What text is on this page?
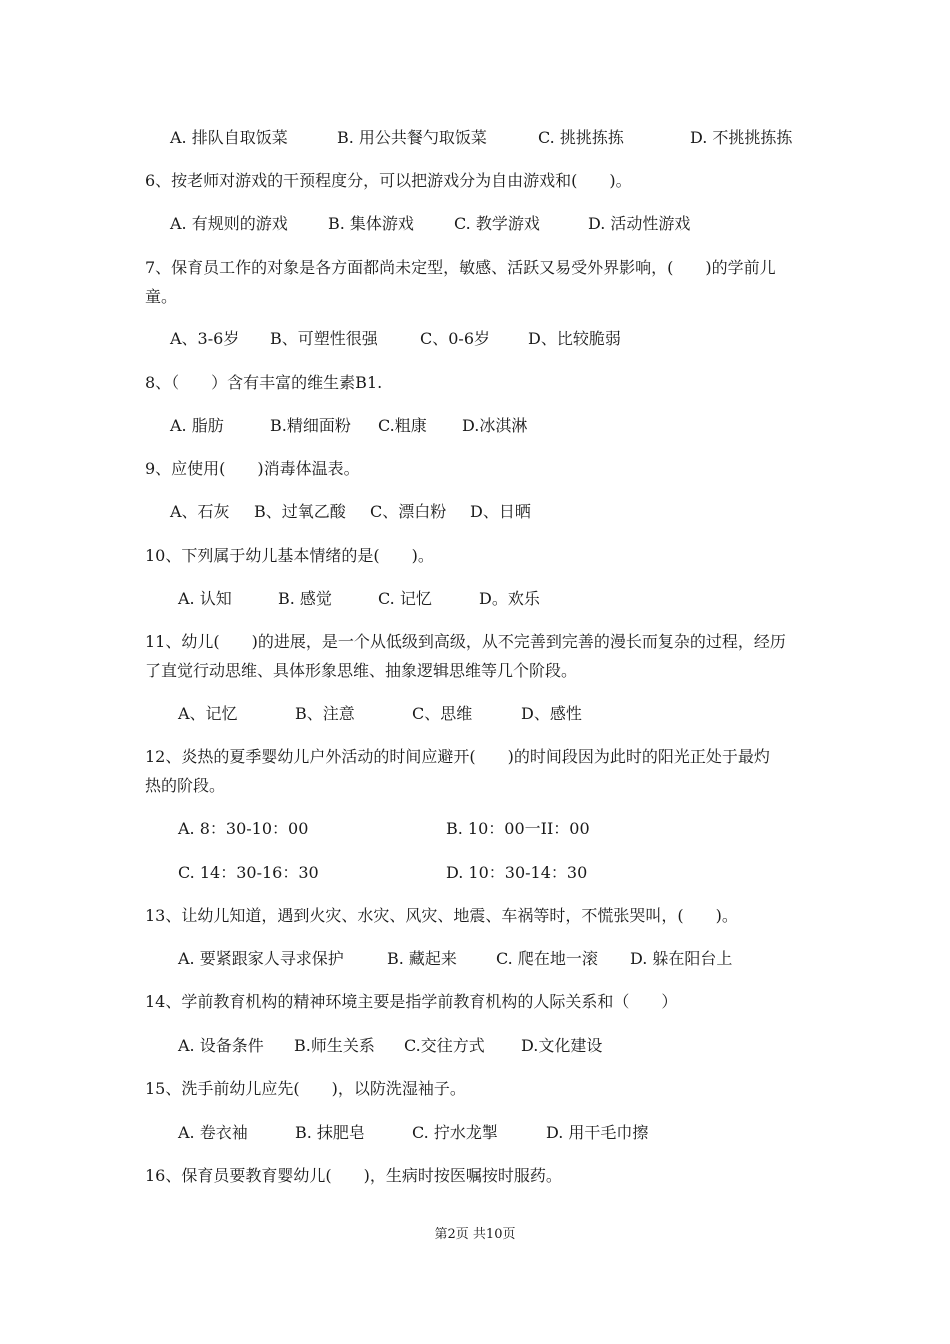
A. 排队自取饭菜	B. 用公共餐勺取饭菜	C. 挑挑拣拣	D. 不挑挑拣拣
6、按老师对游戏的干预程度分，可以把游戏分为自由游戏和(　　)。
A. 有规则的游戏	B. 集体游戏	C. 教学游戏	D. 活动性游戏
7、保育员工作的对象是各方面都尚未定型，敏感、活跃又易受外界影响，(　　)的学前儿
童。
A、3-6岁 B、可塑性很强	C、0-6岁 D、比较脆弱
8、（　　）含有丰富的维生素B1.
A. 脂肪	B.精细面粉 C.粗康 D.冰淇淋
9、应使用(　　)消毒体温表。
A、石灰 B、过氧乙酸 C、漂白粉 D、日晒
10、下列属于幼儿基本情绪的是(　　)。
A. 认知	B. 感觉	C. 记忆	D。欢乐
11、幼儿(　　)的进展，是一个从低级到高级，从不完善到完善的漫长而复杂的过程，经历
了直觉行动思维、具体形象思维、抽象逻辑思维等几个阶段。
A、记忆	B、注意	C、思维	D、感性
12、炎热的夏季婴幼儿户外活动的时间应避开(　　)的时间段因为此时的阳光正处于最灼
热的阶段。
A. 8：30-10：00	B. 10：00一II：00
C. 14：30-16：30	D. 10：30-14：30
13、让幼儿知道，遇到火灾、水灾、风灾、地震、车祸等时，不慌张哭叫，(　　)。
A. 要紧跟家人寻求保护	B. 藏起来 C. 爬在地一滚 D. 躲在阳台上
14、学前教育机构的精神环境主要是指学前教育机构的人际关系和（　　）
A. 设备条件 B.师生关系 C.交往方式 D.文化建设
15、洗手前幼儿应先(　　)，以防洗湿袖子。
A. 卷衣袖	B. 抹肥皂	C. 拧水龙掣	D. 用干毛巾擦
16、保育员要教育婴幼儿(　　)，生病时按医嘱按时服药。
第2页 共10页
